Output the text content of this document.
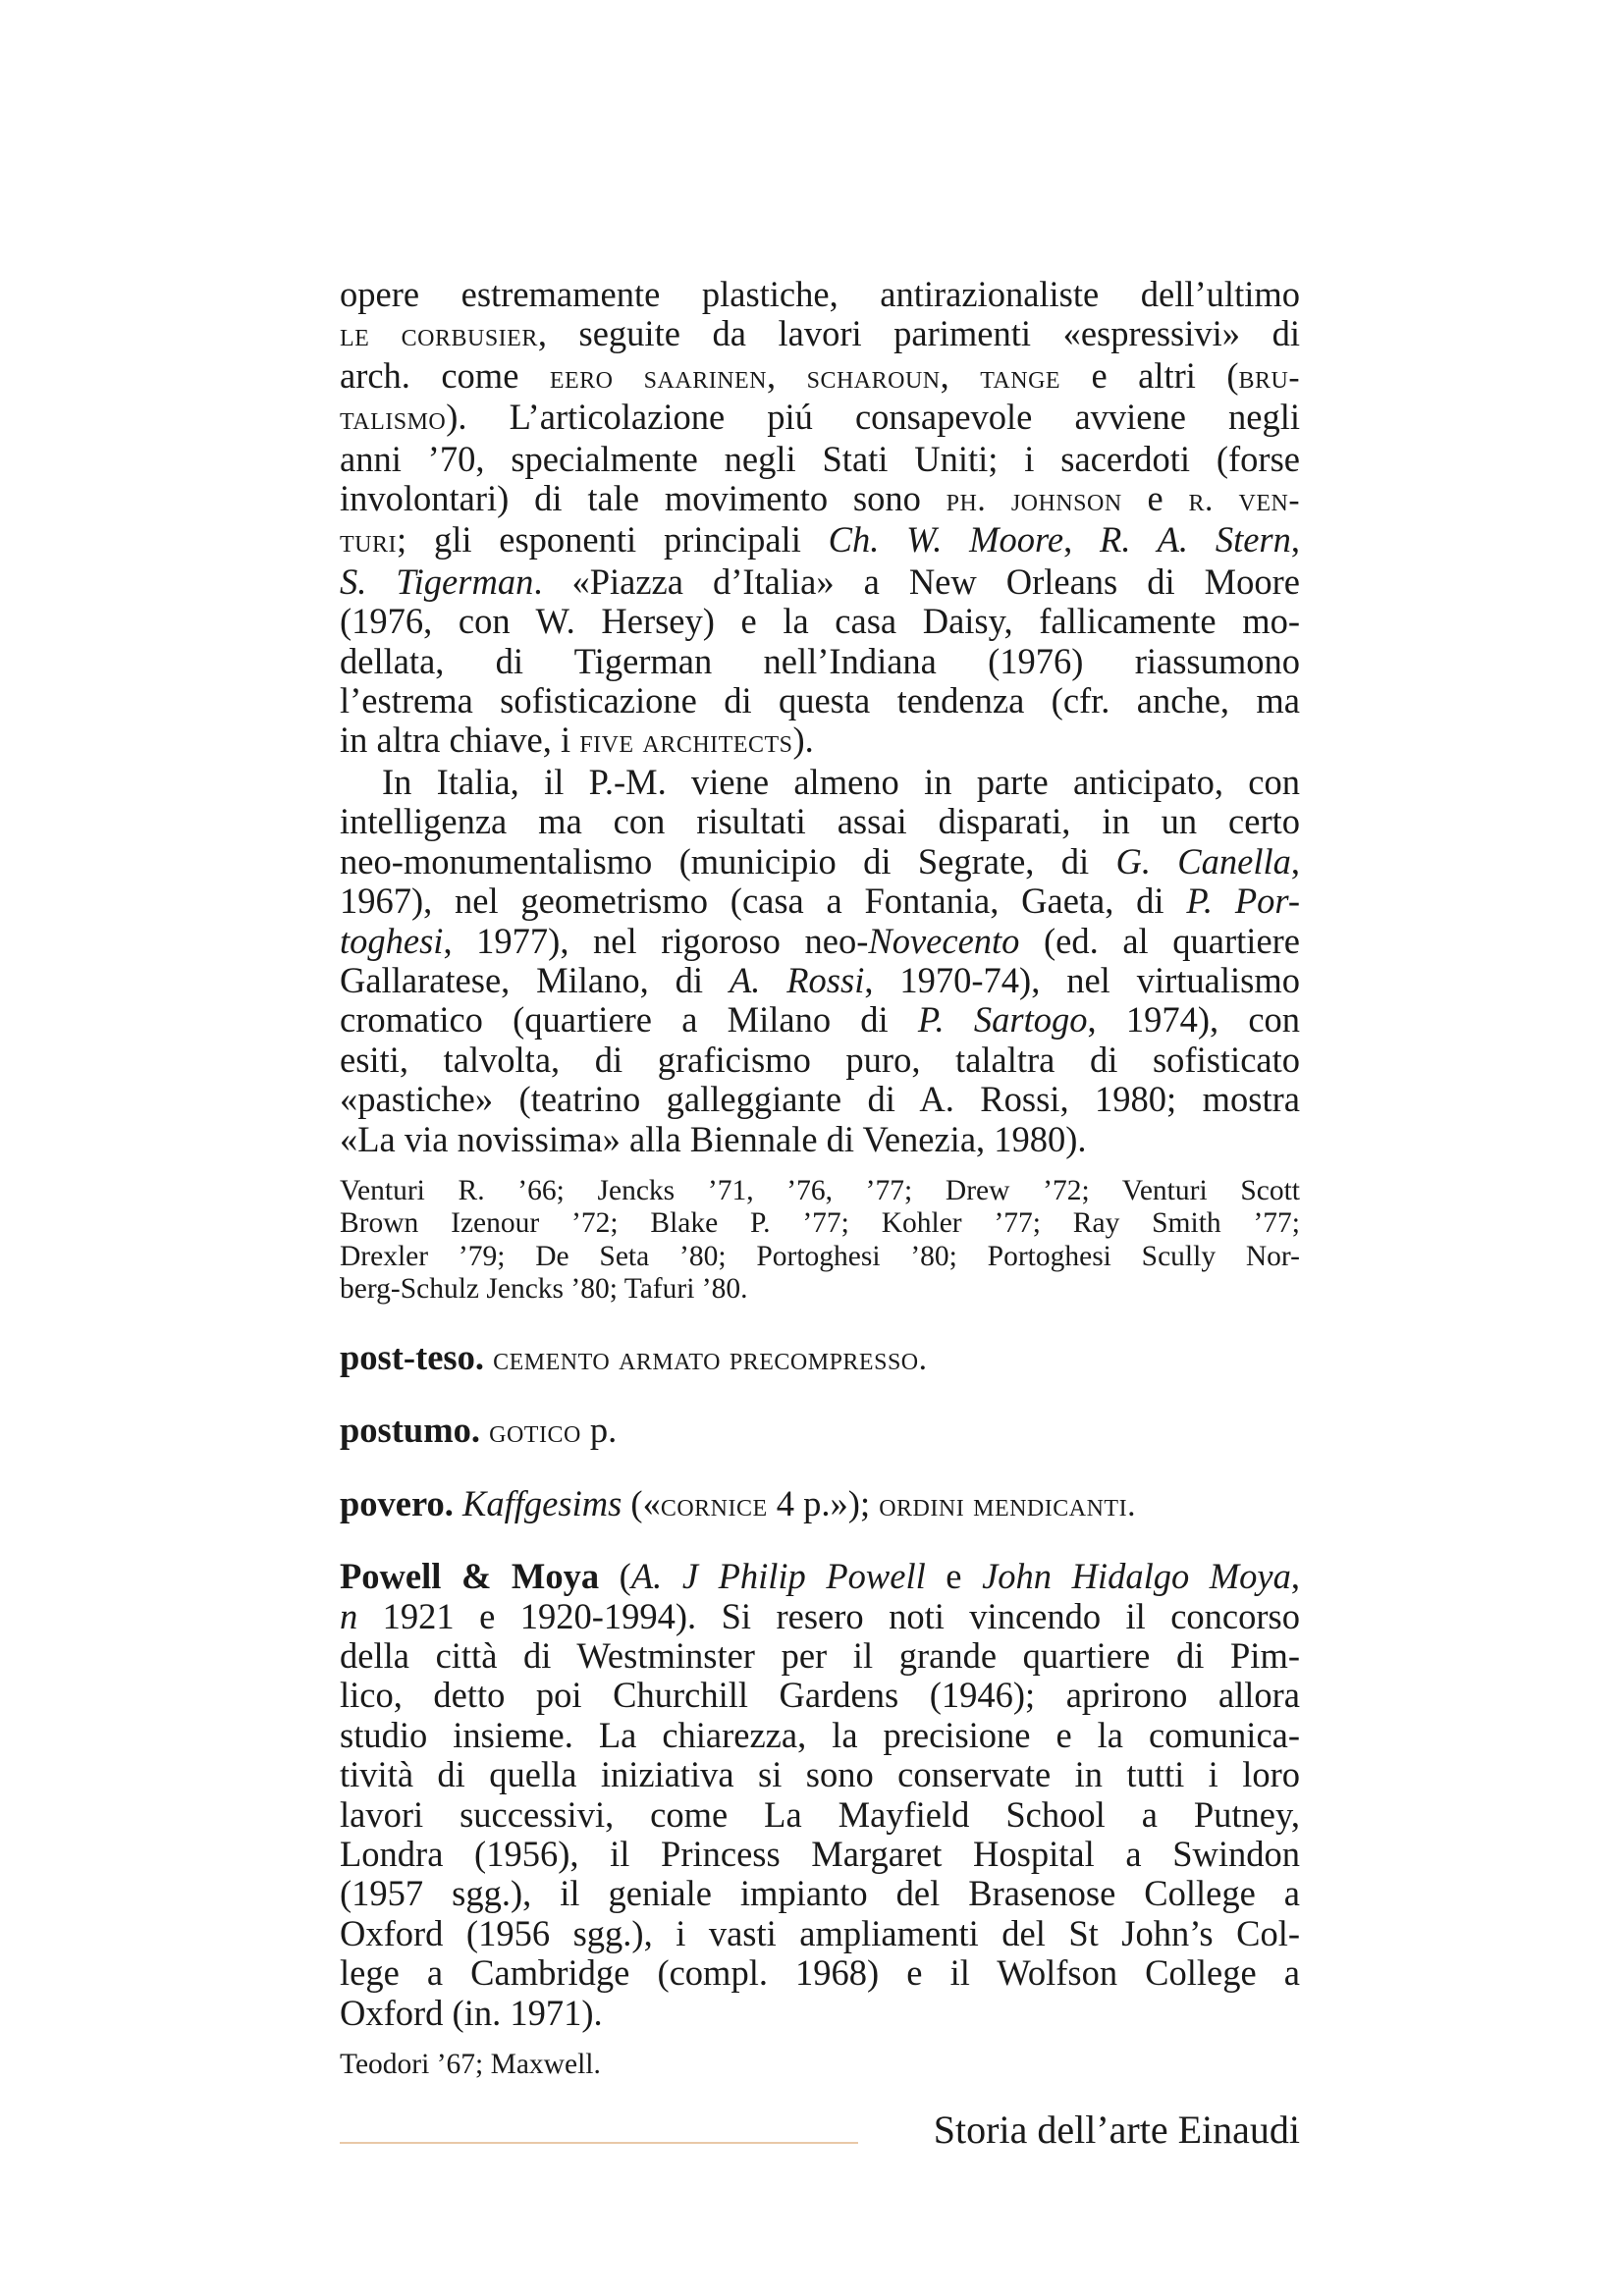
opere estremamente plastiche, antirazionaliste dell’ultimo
le corbusier, seguite da lavori parimenti «espressivi» di
arch. come eero saarinen, scharoun, tange e altri (bru-
talismo). L’articolazione piú consapevole avviene negli
anni ’70, specialmente negli Stati Uniti; i sacerdoti (forse
involontari) di tale movimento sono ph. johnson e r. ven-
turi; gli esponenti principali Ch. W. Moore, R. A. Stern,
S. Tigerman. «Piazza d’Italia» a New Orleans di Moore
(1976, con W. Hersey) e la casa Daisy, fallicamente mo-
dellata, di Tigerman nell’Indiana (1976) riassumono
l’estrema sofisticazione di questa tendenza (cfr. anche, ma
in altra chiave, i five architects).
In Italia, il P.-M. viene almeno in parte anticipato, con
intelligenza ma con risultati assai disparati, in un certo
neo-monumentalismo (municipio di Segrate, di G. Canella,
1967), nel geometrismo (casa a Fontania, Gaeta, di P. Por-
toghesi, 1977), nel rigoroso neo-Novecento (ed. al quartiere
Gallaratese, Milano, di A. Rossi, 1970-74), nel virtualismo
cromatico (quartiere a Milano di P. Sartogo, 1974), con
esiti, talvolta, di graficismo puro, talaltra di sofisticato
«pastiche» (teatrino galleggiante di A. Rossi, 1980; mostra
«La via novissima» alla Biennale di Venezia, 1980).
Venturi R. ’66; Jencks ’71, ’76, ’77; Drew ’72; Venturi Scott
Brown Izenour ’72; Blake P. ’77; Kohler ’77; Ray Smith ’77;
Drexler ’79; De Seta ’80; Portoghesi ’80; Portoghesi Scully Nor-
berg-Schulz Jencks ’80; Tafuri ’80.
post-teso. cemento armato precompresso.
postumo. gotico p.
povero. Kaffgesims («cornice 4 p.»); ordini mendicanti.
Powell & Moya (A. J Philip Powell e John Hidalgo Moya,
n 1921 e 1920-1994). Si resero noti vincendo il concorso
della città di Westminster per il grande quartiere di Pim-
lico, detto poi Churchill Gardens (1946); aprirono allora
studio insieme. La chiarezza, la precisione e la comunica-
tività di quella iniziativa si sono conservate in tutti i loro
lavori successivi, come La Mayfield School a Putney,
Londra (1956), il Princess Margaret Hospital a Swindon
(1957 sgg.), il geniale impianto del Brasenose College a
Oxford (1956 sgg.), i vasti ampliamenti del St John’s Col-
lege a Cambridge (compl. 1968) e il Wolfson College a
Oxford (in. 1971).
Teodori ’67; Maxwell.
Storia dell’arte Einaudi
